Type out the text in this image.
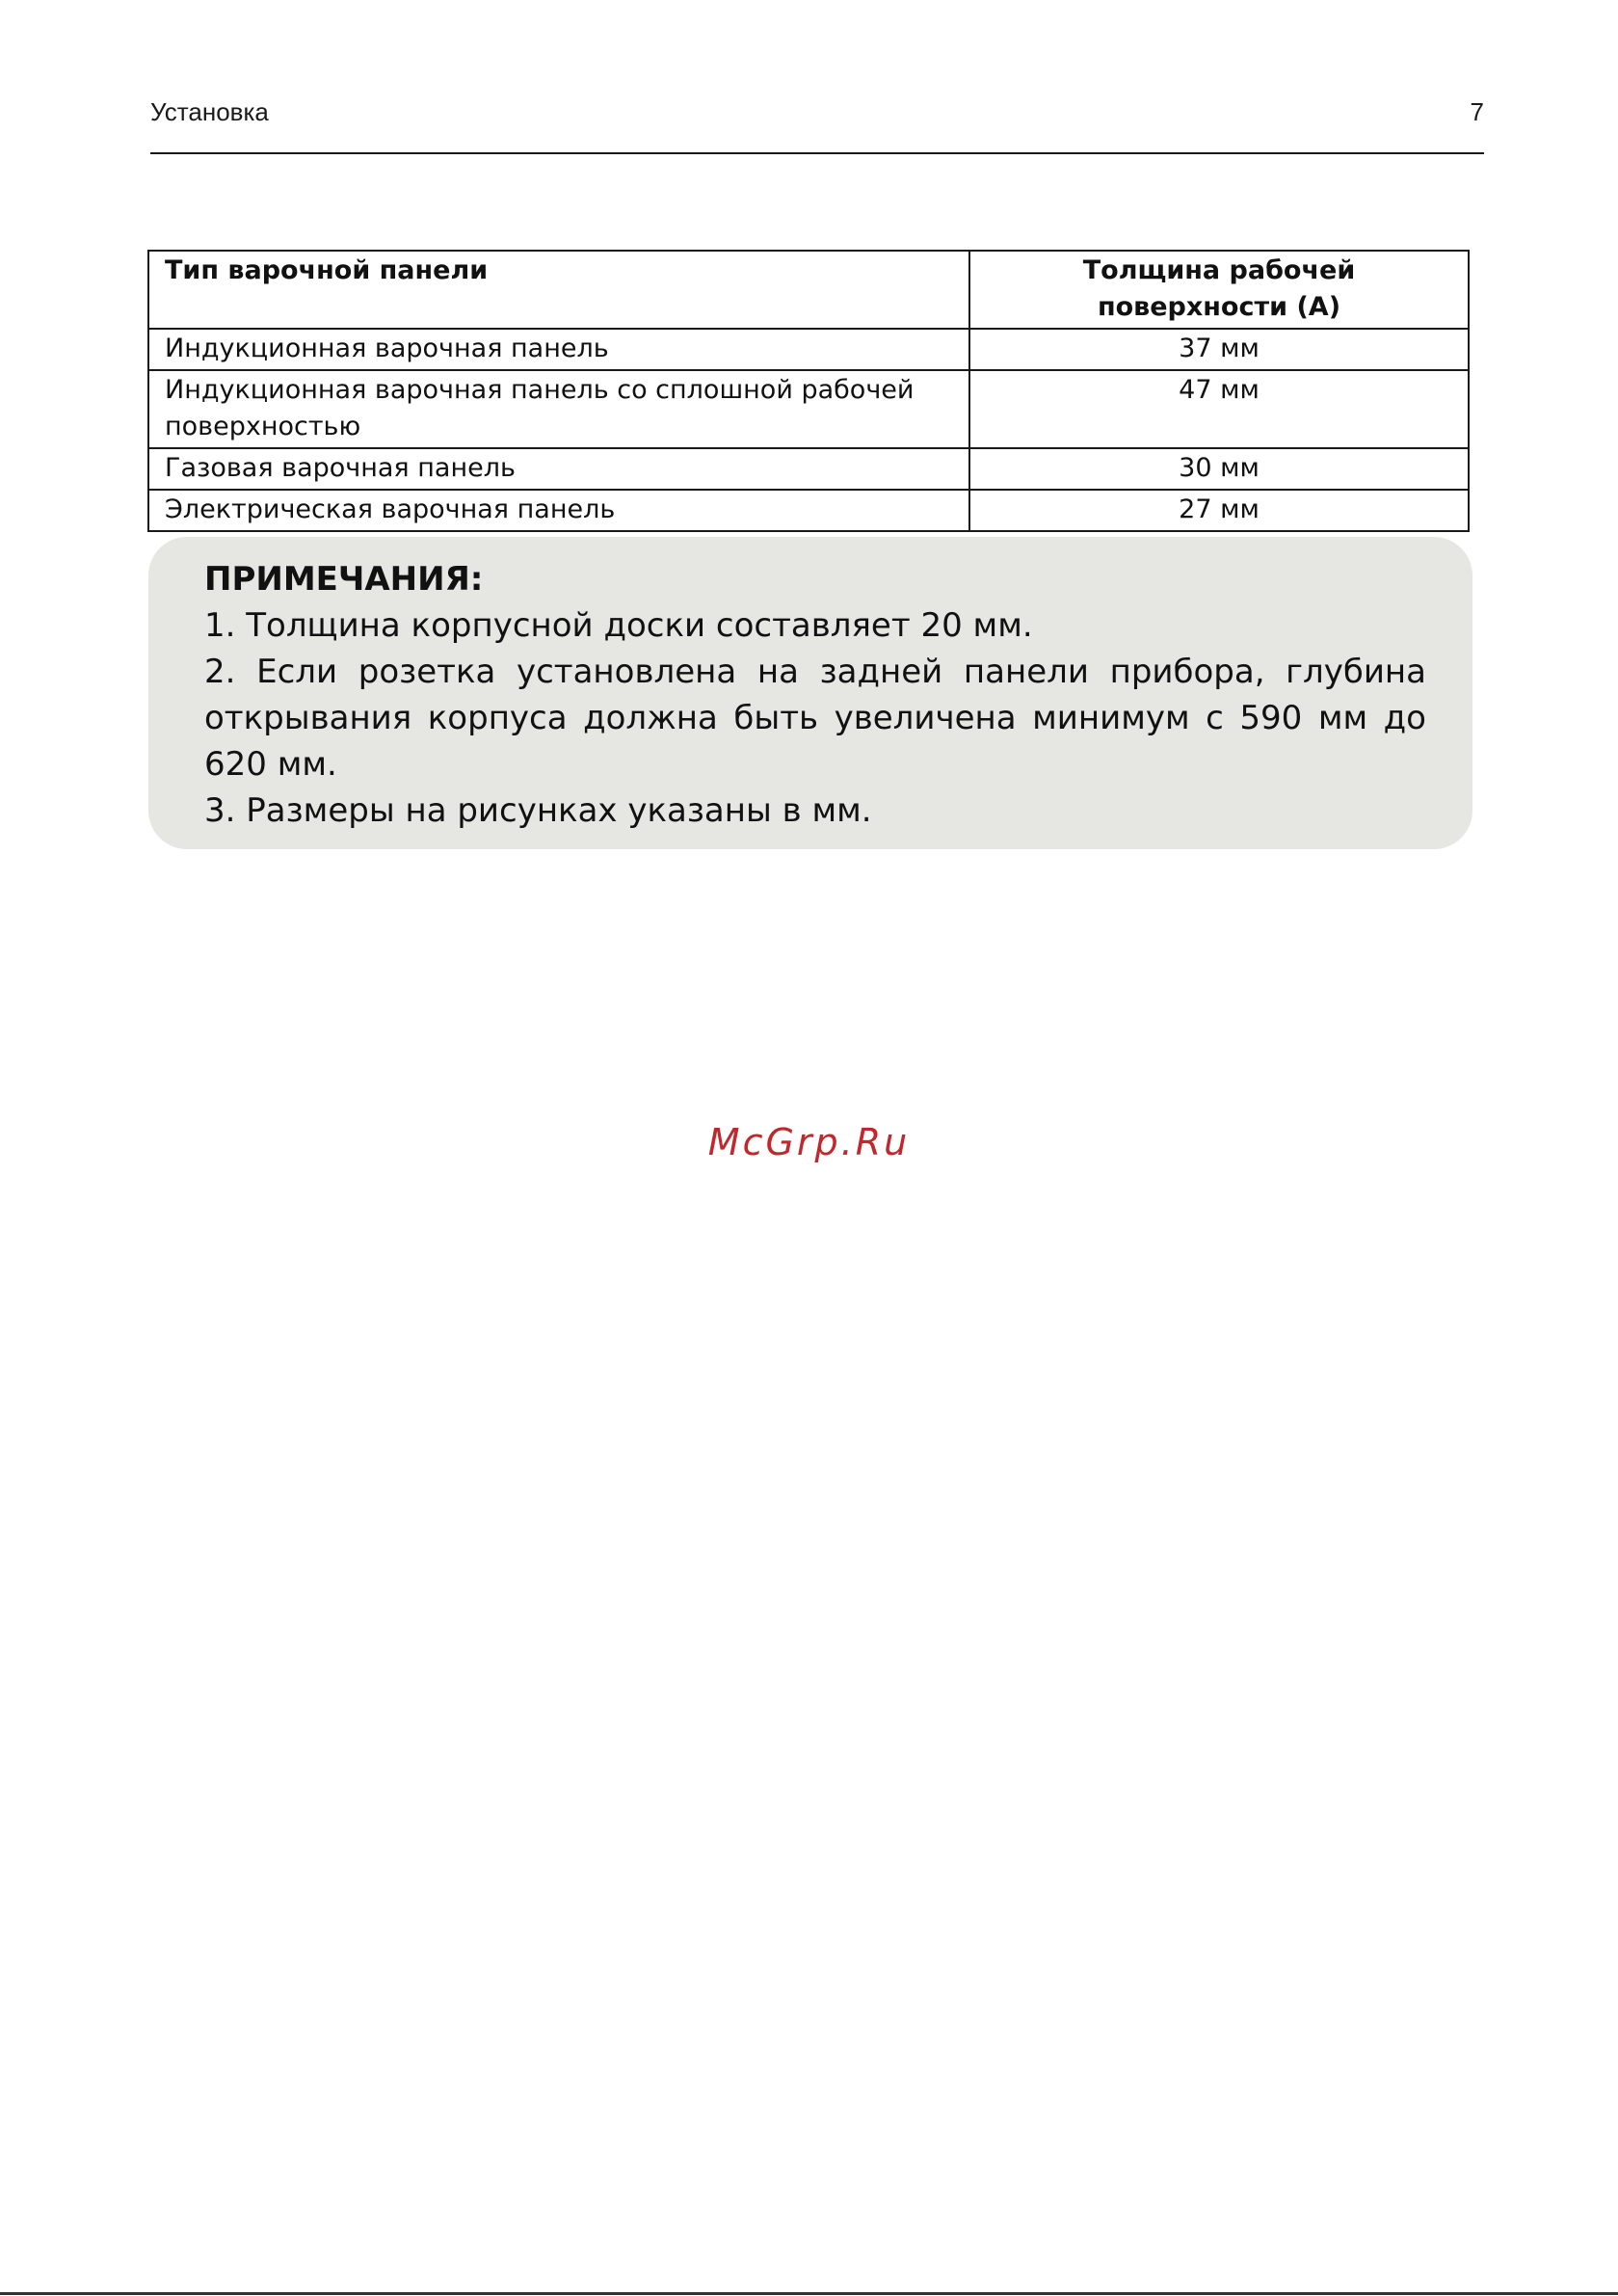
Установка	7
Тип варочной панели	Толщина рабочей поверхности (A)
Индукционная варочная панель	37 мм
Индукционная варочная панель со сплошной рабочей поверхностью	47 мм
Газовая варочная панель	30 мм
Электрическая варочная панель	27 мм
ПРИМЕЧАНИЯ:

1. Толщина корпусной доски составляет 20 мм.

2. Если розетка установлена на задней панели прибора, глубина открывания корпуса должна быть увеличена минимум с 590 мм до 620 мм.

3. Размеры на рисунках указаны в мм.

McGrp.Ru
